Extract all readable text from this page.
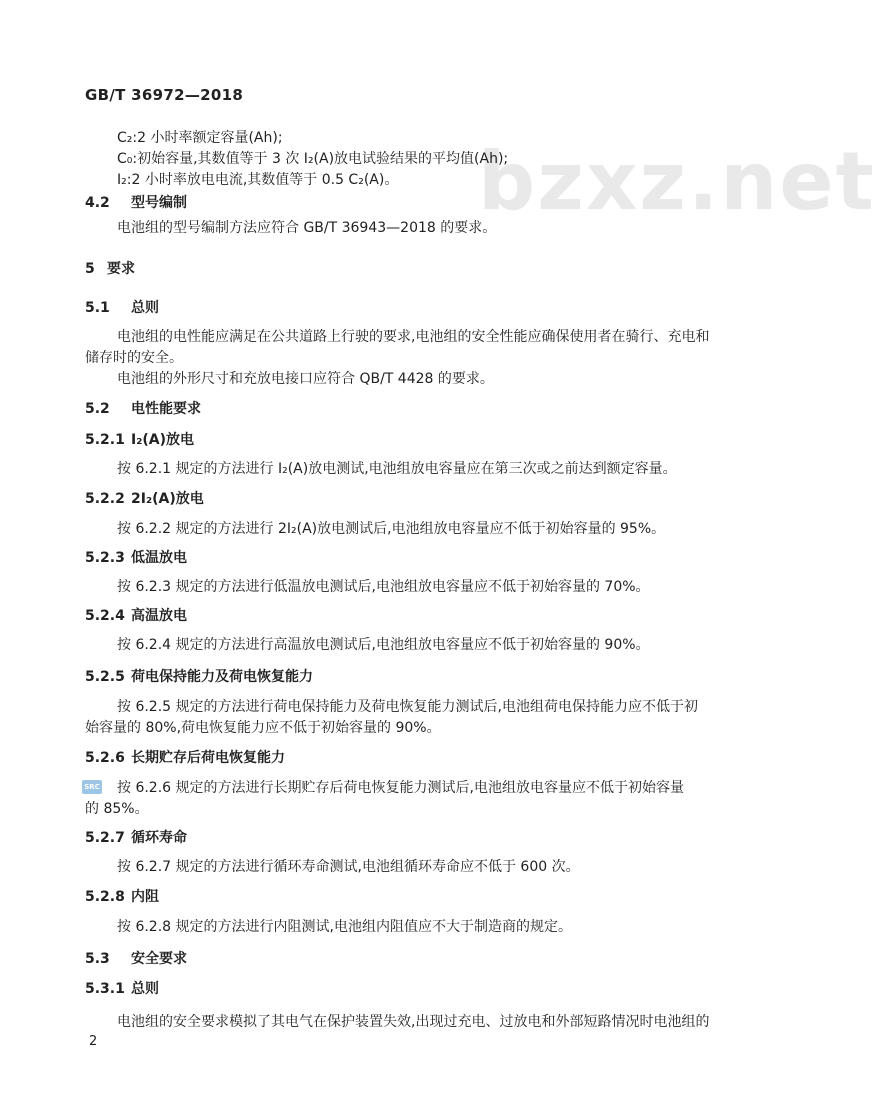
GB/T 36972—2018
bzxz.net
C₂:2 小时率额定容量(Ah);
C₀:初始容量,其数值等于 3 次 I₂(A)放电试验结果的平均值(Ah);
I₂:2 小时率放电电流,其数值等于 0.5 C₂(A)。
4.2 型号编制
电池组的型号编制方法应符合 GB/T 36943—2018 的要求。
5 要求
5.1 总则
电池组的电性能应满足在公共道路上行驶的要求,电池组的安全性能应确保使用者在骑行、充电和
储存时的安全。
电池组的外形尺寸和充放电接口应符合 QB/T 4428 的要求。
5.2 电性能要求
5.2.1 I₂(A)放电
按 6.2.1 规定的方法进行 I₂(A)放电测试,电池组放电容量应在第三次或之前达到额定容量。
5.2.2 2I₂(A)放电
按 6.2.2 规定的方法进行 2I₂(A)放电测试后,电池组放电容量应不低于初始容量的 95%。
5.2.3 低温放电
按 6.2.3 规定的方法进行低温放电测试后,电池组放电容量应不低于初始容量的 70%。
5.2.4 高温放电
按 6.2.4 规定的方法进行高温放电测试后,电池组放电容量应不低于初始容量的 90%。
5.2.5 荷电保持能力及荷电恢复能力
按 6.2.5 规定的方法进行荷电保持能力及荷电恢复能力测试后,电池组荷电保持能力应不低于初
始容量的 80%,荷电恢复能力应不低于初始容量的 90%。
5.2.6 长期贮存后荷电恢复能力
SRC 按 6.2.6 规定的方法进行长期贮存后荷电恢复能力测试后,电池组放电容量应不低于初始容量
的 85%。
5.2.7 循环寿命
按 6.2.7 规定的方法进行循环寿命测试,电池组循环寿命应不低于 600 次。
5.2.8 内阻
按 6.2.8 规定的方法进行内阻测试,电池组内阻值应不大于制造商的规定。
5.3 安全要求
5.3.1 总则
电池组的安全要求模拟了其电气在保护装置失效,出现过充电、过放电和外部短路情况时电池组的
2
